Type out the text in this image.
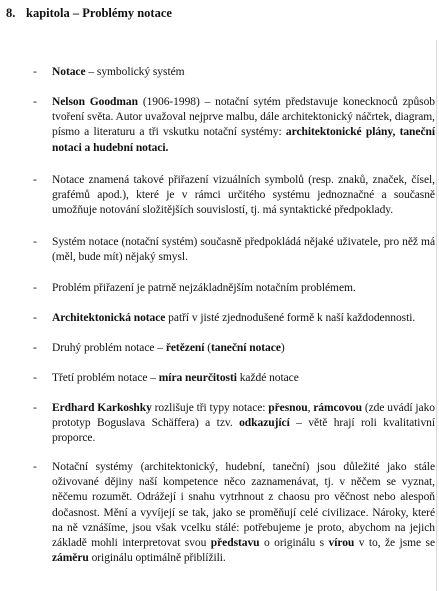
8. kapitola – Problémy notace
- Notace – symbolický systém
- Nelson Goodman (1906-1998) – notační sytém představuje konecknoců způsob tvoření světa. Autor uvažoval nejprve malbu, dále architektonický náčrtek, diagram, písmo a literaturu a tři vskutku notační systémy: architektonické plány, taneční notaci a hudební notaci.
- Notace znamená takové přiřazení vizuálních symbolů (resp. znaků, značek, čísel, grafémů apod.), které je v rámci určitého systému jednoznačné a současně umožňuje notování složitějších souvislostí, tj. má syntaktické předpoklady.
- Systém notace (notační systém) současně předpokládá nějaké uživatele, pro něž má (měl, bude mít) nějaký smysl.
- Problém přiřazení je patrně nejzákladnějším notačním problémem.
- Architektonická notace patří v jisté zjednodušené formě k naší každodennosti.
- Druhý problém notace – řetězení (taneční notace)
- Třetí problém notace – míra neurčitosti každé notace
- Erdhard Karkoshky rozlišuje tři typy notace: přesnou, rámcovou (zde uvádí jako prototyp Boguslava Schäffera) a tzv. odkazující – větě hrají roli kvalitativní proporce.
- Notační systémy (architektonický, hudební, taneční) jsou důležité jako stále oživované dějiny naší kompetence něco zaznamenávat, tj. v něčem se vyznat, něčemu rozumět. Odrážejí i snahu vytrhnout z chaosu pro věčnost nebo alespoň dočasnost. Mění a vyvíjejí se tak, jako se proměňují celé civilizace. Nároky, které na ně vznášíme, jsou však vcelku stálé: potřebujeme je proto, abychom na jejich základě mohli interpretovat svou představu o originálu s vírou v to, že jsme se záměru originálu optimálně přiblížili.
